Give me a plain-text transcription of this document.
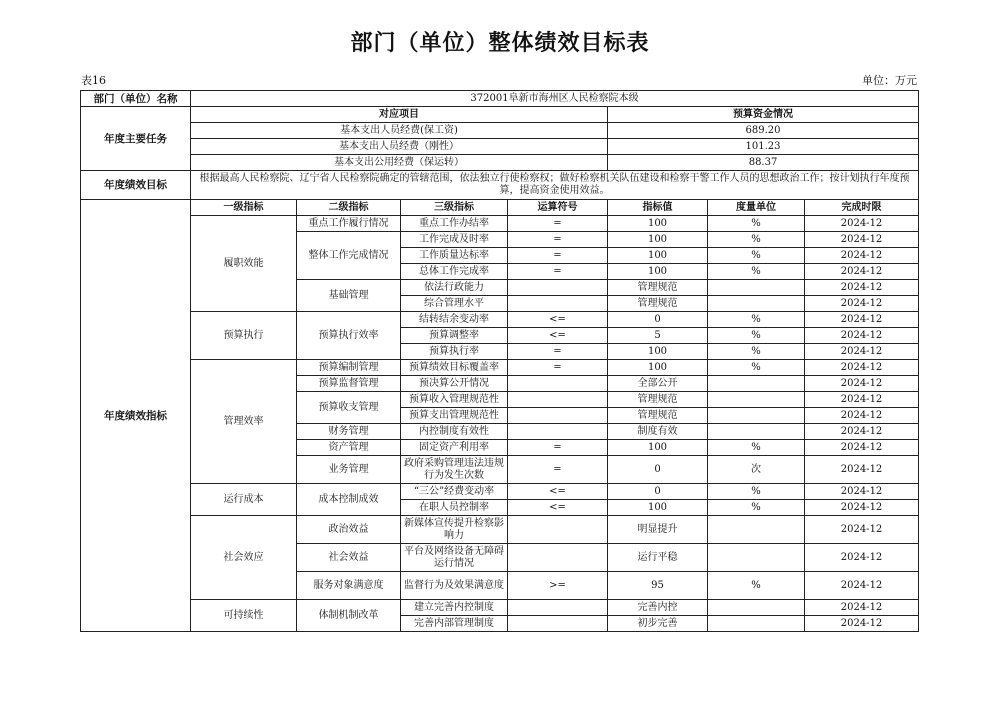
部门（单位）整体绩效目标表
表16	单位：万元
部门（单位）名称	372001阜新市海州区人民检察院本级						
年度主要任务	对应项目				预算资金情况		
	基本支出人员经费(保工资)				689.20		
	基本支出人员经费（刚性）				101.23		
	基本支出公用经费（保运转）				88.37		
年度绩效目标	根据最高人民检察院、辽宁省人民检察院确定的管辖范围，依法独立行使检察权；做好检察机关队伍建设和检察干警工作人员的思想政治工作；按计划执行年度预算，提高资金使用效益。						
年度绩效指标	一级指标	二级指标	三级指标	运算符号	指标值	度量单位	完成时限
	履职效能	重点工作履行情况	重点工作办结率	=	100	%	2024-12
		整体工作完成情况	工作完成及时率	=	100	%	2024-12
			工作质量达标率	=	100	%	2024-12
			总体工作完成率	=	100	%	2024-12
		基础管理	依法行政能力		管理规范		2024-12
			综合管理水平		管理规范		2024-12
	预算执行	预算执行效率	结转结余变动率	<=	0	%	2024-12
			预算调整率	<=	5	%	2024-12
			预算执行率	=	100	%	2024-12
	管理效率	预算编制管理	预算绩效目标覆盖率	=	100	%	2024-12
		预算监督管理	预决算公开情况		全部公开		2024-12
		预算收支管理	预算收入管理规范性		管理规范		2024-12
			预算支出管理规范性		管理规范		2024-12
		财务管理	内控制度有效性		制度有效		2024-12
		资产管理	固定资产利用率	=	100	%	2024-12
		业务管理	政府采购管理违法违规行为发生次数	=	0	次	2024-12
	运行成本	成本控制成效	“三公”经费变动率	<=	0	%	2024-12
			在职人员控制率	<=	100	%	2024-12
	社会效应	政治效益	新媒体宣传提升检察影响力		明显提升		2024-12
		社会效益	平台及网络设备无障碍运行情况		运行平稳		2024-12
		服务对象满意度	监督行为及效果满意度	>=	95	%	2024-12
	可持续性	体制机制改革	建立完善内控制度		完善内控		2024-12
			完善内部管理制度		初步完善		2024-12
